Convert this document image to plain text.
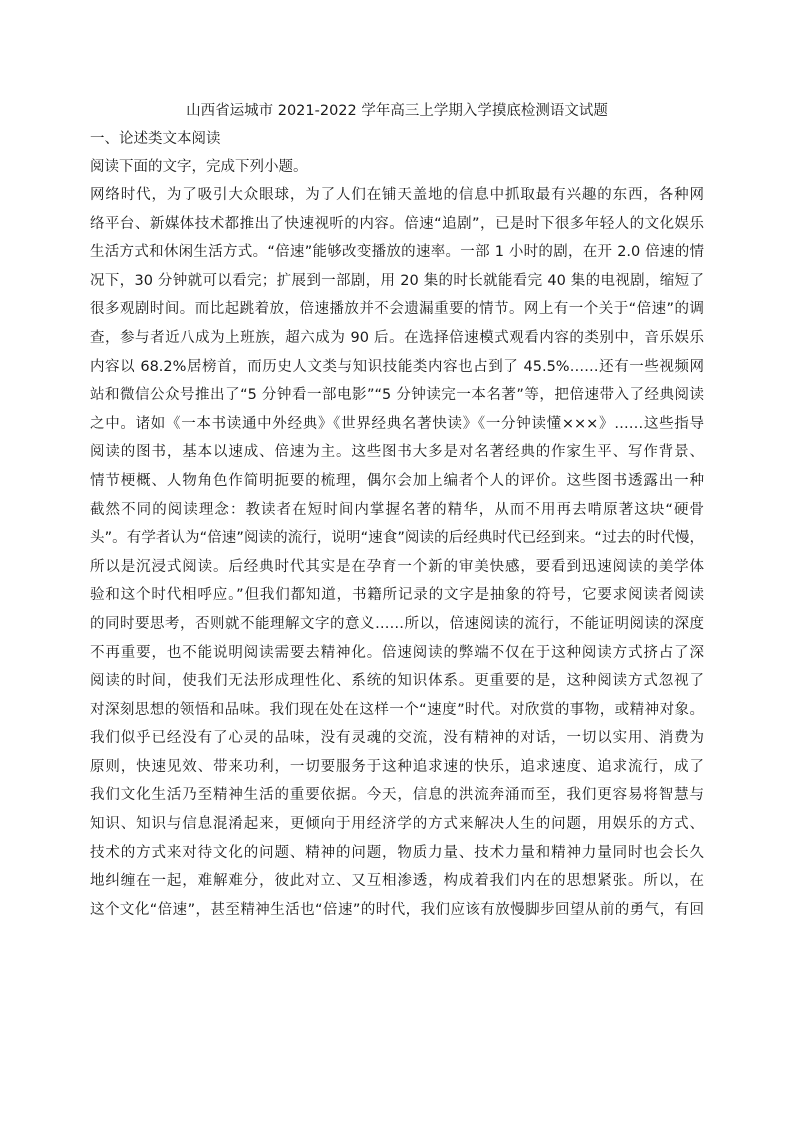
山西省运城市 2021-2022 学年高三上学期入学摸底检测语文试题
一、论述类文本阅读

阅读下面的文字，完成下列小题。

网络时代，为了吸引大众眼球，为了人们在铺天盖地的信息中抓取最有兴趣的东西，各种网
络平台、新媒体技术都推出了快速视听的内容。倍速“追剧”，已是时下很多年轻人的文化娱乐
生活方式和休闲生活方式。“倍速”能够改变播放的速率。一部 1 小时的剧，在开 2.0 倍速的情
况下，30 分钟就可以看完；扩展到一部剧，用 20 集的时长就能看完 40 集的电视剧，缩短了
很多观剧时间。而比起跳着放，倍速播放并不会遗漏重要的情节。网上有一个关于“倍速”的调
查，参与者近八成为上班族，超六成为 90 后。在选择倍速模式观看内容的类别中，音乐娱乐
内容以 68.2%居榜首，而历史人文类与知识技能类内容也占到了 45.5%……还有一些视频网
站和微信公众号推出了“5 分钟看一部电影”“5 分钟读完一本名著”等，把倍速带入了经典阅读
之中。诸如《一本书读通中外经典》《世界经典名著快读》《一分钟读懂×××》……这些指导
阅读的图书，基本以速成、倍速为主。这些图书大多是对名著经典的作家生平、写作背景、
情节梗概、人物角色作简明扼要的梳理，偶尔会加上编者个人的评价。这些图书透露出一种
截然不同的阅读理念：教读者在短时间内掌握名著的精华，从而不用再去啃原著这块“硬骨
头”。有学者认为“倍速”阅读的流行，说明“速食”阅读的后经典时代已经到来。“过去的时代慢，
所以是沉浸式阅读。后经典时代其实是在孕育一个新的审美快感，要看到迅速阅读的美学体
验和这个时代相呼应。”但我们都知道，书籍所记录的文字是抽象的符号，它要求阅读者阅读
的同时要思考，否则就不能理解文字的意义……所以，倍速阅读的流行，不能证明阅读的深度
不再重要，也不能说明阅读需要去精神化。倍速阅读的弊端不仅在于这种阅读方式挤占了深
阅读的时间，使我们无法形成理性化、系统的知识体系。更重要的是，这种阅读方式忽视了
对深刻思想的领悟和品味。我们现在处在这样一个“速度”时代。对欣赏的事物，或精神对象。
我们似乎已经没有了心灵的品味，没有灵魂的交流，没有精神的对话，一切以实用、消费为
原则，快速见效、带来功利，一切要服务于这种追求速的快乐，追求速度、追求流行，成了
我们文化生活乃至精神生活的重要依据。今天，信息的洪流奔涌而至，我们更容易将智慧与
知识、知识与信息混淆起来，更倾向于用经济学的方式来解决人生的问题，用娱乐的方式、
技术的方式来对待文化的问题、精神的问题，物质力量、技术力量和精神力量同时也会长久
地纠缠在一起，难解难分，彼此对立、又互相渗透，构成着我们内在的思想紧张。所以，在
这个文化“倍速”，甚至精神生活也“倍速”的时代，我们应该有放慢脚步回望从前的勇气，有回
